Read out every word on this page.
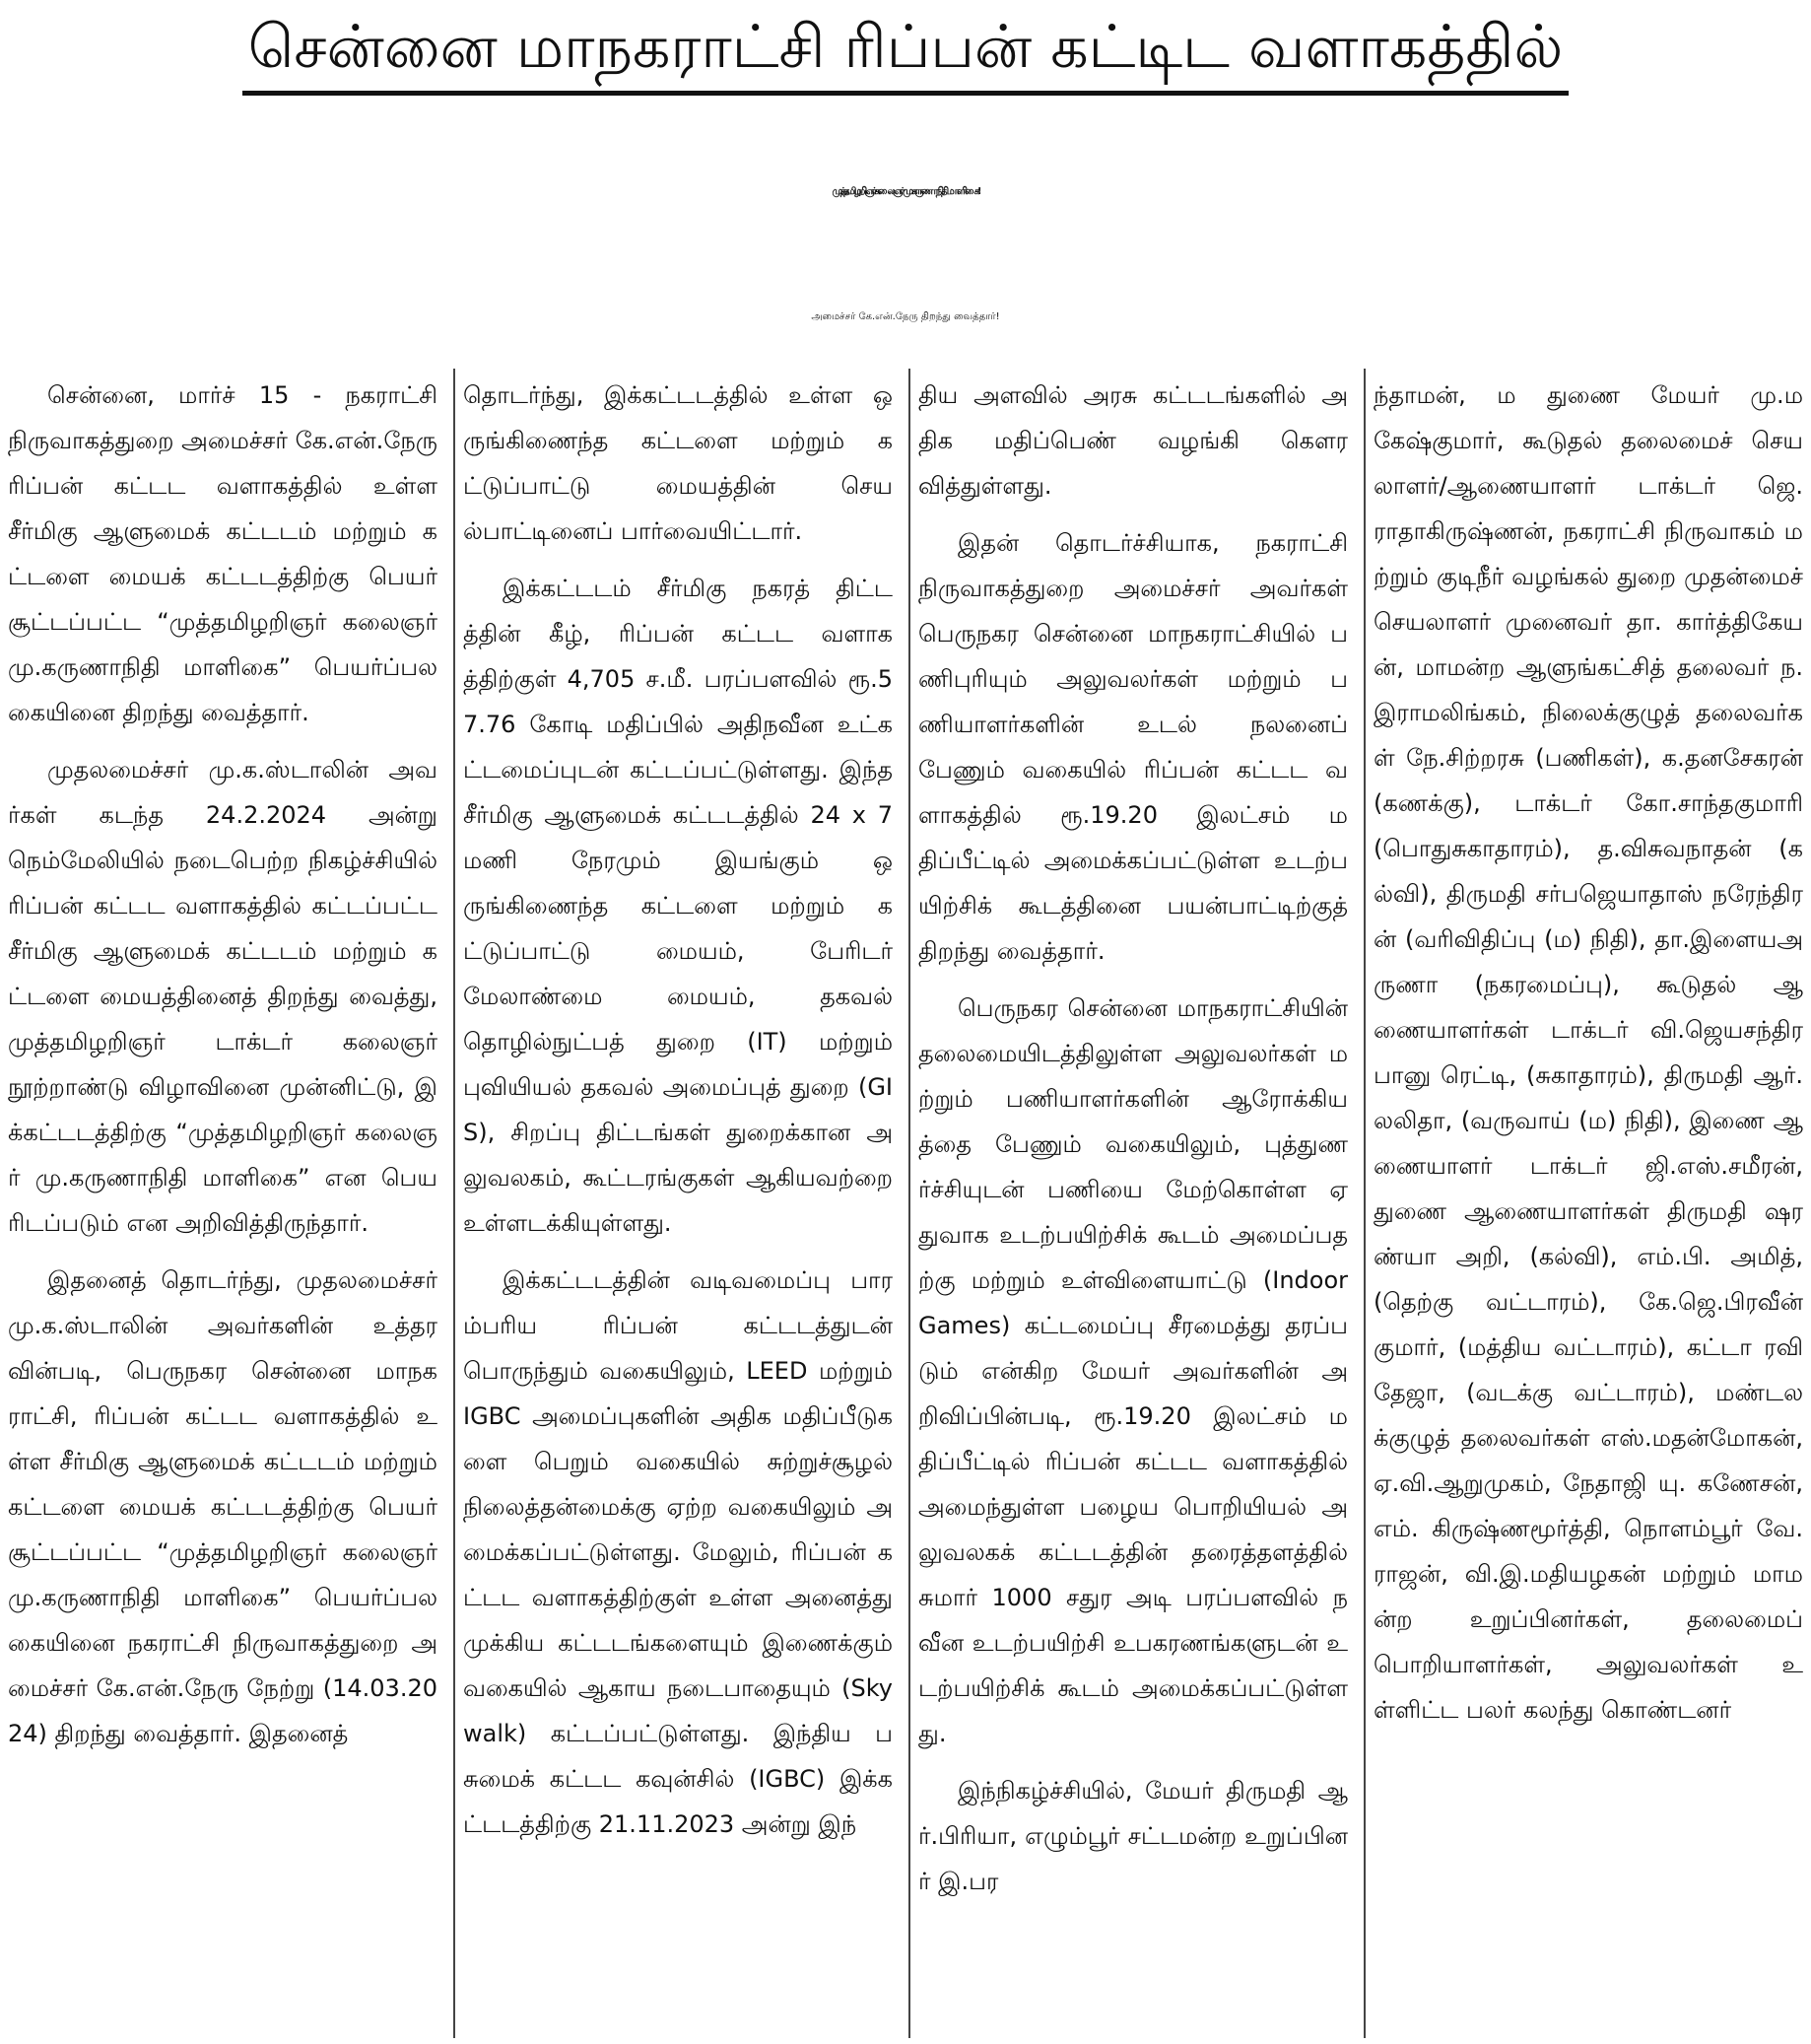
சென்னை மாநகராட்சி ரிப்பன் கட்டிட வளாகத்தில்
முத்தமிழறிஞர் கலைஞர் மு.கருணாநிதி மாளிகை!
அமைச்சர் கே.என்.நேரு திறந்து வைத்தார்!

சென்னை, மார்ச் 15 - நகராட்சி நிருவாகத்துறை அமைச்சர் கே.என்.நேரு ரிப்பன் கட்டட வளாகத்தில் உள்ள சீர்மிகு ஆளுமைக் கட்டடம் மற்றும் கட்டளை மையக் கட்டடத்திற்கு பெயர் சூட்டப்பட்ட “முத்தமிழறிஞர் கலைஞர் மு.கருணாநிதி மாளிகை” பெயர்ப்பலகையினை திறந்து வைத்தார்.

முதலமைச்சர் மு.க.ஸ்டாலின் அவர்கள் கடந்த 24.2.2024 அன்று நெம்மேலியில் நடைபெற்ற நிகழ்ச்சியில் ரிப்பன் கட்டட வளாகத்தில் கட்டப்பட்ட சீர்மிகு ஆளுமைக் கட்டடம் மற்றும் கட்டளை மையத்தினைத் திறந்து வைத்து, முத்தமிழறிஞர் டாக்டர் கலைஞர் நூற்றாண்டு விழாவினை முன்னிட்டு, இக்கட்டடத்திற்கு “முத்தமிழறிஞர் கலைஞர் மு.கருணாநிதி மாளிகை” என பெயரிடப்படும் என அறிவித்திருந்தார்.

இதனைத் தொடர்ந்து, முதலமைச்சர் மு.க.ஸ்டாலின் அவர்களின் உத்தரவின்படி, பெருநகர சென்னை மாநகராட்சி, ரிப்பன் கட்டட வளாகத்தில் உள்ள சீர்மிகு ஆளுமைக் கட்டடம் மற்றும் கட்டளை மையக் கட்டடத்திற்கு பெயர் சூட்டப்பட்ட “முத்தமிழறிஞர் கலைஞர் மு.கருணாநிதி மாளிகை” பெயர்ப்பலகையினை நகராட்சி நிருவாகத்துறை அமைச்சர் கே.என்.நேரு நேற்று (14.03.2024) திறந்து வைத்தார். இதனைத்

தொடர்ந்து, இக்கட்டடத்தில் உள்ள ஒருங்கிணைந்த கட்டளை மற்றும் கட்டுப்பாட்டு மையத்தின் செயல்பாட்டினைப் பார்வையிட்டார்.

இக்கட்டடம் சீர்மிகு நகரத் திட்டத்தின் கீழ், ரிப்பன் கட்டட வளாகத்திற்குள் 4,705 ச.மீ. பரப்பளவில் ரூ.57.76 கோடி மதிப்பில் அதிநவீன உட்கட்டமைப்புடன் கட்டப்பட்டுள்ளது. இந்த சீர்மிகு ஆளுமைக் கட்டடத்தில் 24 x 7 மணி நேரமும் இயங்கும் ஒருங்கிணைந்த கட்டளை மற்றும் கட்டுப்பாட்டு மையம், பேரிடர் மேலாண்மை மையம், தகவல் தொழில்நுட்பத் துறை (IT) மற்றும் புவியியல் தகவல் அமைப்புத் துறை (GIS), சிறப்பு திட்டங்கள் துறைக்கான அலுவலகம், கூட்டரங்குகள் ஆகியவற்றை உள்ளடக்கியுள்ளது.

இக்கட்டடத்தின் வடிவமைப்பு பாரம்பரிய ரிப்பன் கட்டடத்துடன் பொருந்தும் வகையிலும், LEED மற்றும் IGBC அமைப்புகளின் அதிக மதிப்பீடுகளை பெறும் வகையில் சுற்றுச்சூழல் நிலைத்தன்மைக்கு ஏற்ற வகையிலும் அமைக்கப்பட்டுள்ளது. மேலும், ரிப்பன் கட்டட வளாகத்திற்குள் உள்ள அனைத்து முக்கிய கட்டடங்களையும் இணைக்கும் வகையில் ஆகாய நடைபாதையும் (Skywalk) கட்டப்பட்டுள்ளது. இந்திய பசுமைக் கட்டட கவுன்சில் (IGBC) இக்கட்டடத்திற்கு 21.11.2023 அன்று இந்

திய அளவில் அரசு கட்டடங்களில் அதிக மதிப்பெண் வழங்கி கௌரவித்துள்ளது.

இதன் தொடர்ச்சியாக, நகராட்சி நிருவாகத்துறை அமைச்சர் அவர்கள் பெருநகர சென்னை மாநகராட்சியில் பணிபுரியும் அலுவலர்கள் மற்றும் பணியாளர்களின் உடல் நலனைப் பேணும் வகையில் ரிப்பன் கட்டட வளாகத்தில் ரூ.19.20 இலட்சம் மதிப்பீட்டில் அமைக்கப்பட்டுள்ள உடற்பயிற்சிக் கூடத்தினை பயன்பாட்டிற்குத் திறந்து வைத்தார்.

பெருநகர சென்னை மாநகராட்சியின் தலைமையிடத்திலுள்ள அலுவலர்கள் மற்றும் பணியாளர்களின் ஆரோக்கியத்தை பேணும் வகையிலும், புத்துணர்ச்சியுடன் பணியை மேற்கொள்ள ஏதுவாக உடற்பயிற்சிக் கூடம் அமைப்பதற்கு மற்றும் உள்விளையாட்டு (Indoor Games) கட்டமைப்பு சீரமைத்து தரப்படும் என்கிற மேயர் அவர்களின் அறிவிப்பின்படி, ரூ.19.20 இலட்சம் மதிப்பீட்டில் ரிப்பன் கட்டட வளாகத்தில் அமைந்துள்ள பழைய பொறியியல் அலுவலகக் கட்டடத்தின் தரைத்தளத்தில் சுமார் 1000 சதுர அடி பரப்பளவில் நவீன உடற்பயிற்சி உபகரணங்களுடன் உடற்பயிற்சிக் கூடம் அமைக்கப்பட்டுள்ளது.

இந்நிகழ்ச்சியில், மேயர் திருமதி ஆர்.பிரியா, எழும்பூர் சட்டமன்ற உறுப்பினர் இ.பர

ந்தாமன், ம துணை மேயர் மு.மகேஷ்குமார், கூடுதல் தலைமைச் செயலாளர்/ஆணையாளர் டாக்டர் ஜெ. ராதாகிருஷ்ணன், நகராட்சி நிருவாகம் மற்றும் குடிநீர் வழங்கல் துறை முதன்மைச் செயலாளர் முனைவர் தா. கார்த்திகேயன், மாமன்ற ஆளுங்கட்சித் தலைவர் ந. இராமலிங்கம், நிலைக்குழுத் தலைவர்கள் நே.சிற்றரசு (பணிகள்), க.தனசேகரன் (கணக்கு), டாக்டர் கோ.சாந்தகுமாரி (பொதுசுகாதாரம்), த.விசுவநாதன் (கல்வி), திருமதி சர்பஜெயாதாஸ் நரேந்திரன் (வரிவிதிப்பு (ம) நிதி), தா.இளையஅருணா (நகரமைப்பு), கூடுதல் ஆணையாளர்கள் டாக்டர் வி.ஜெயசந்திர பானு ரெட்டி, (சுகாதாரம்), திருமதி ஆர். லலிதா, (வருவாய் (ம) நிதி), இணை ஆணையாளர் டாக்டர் ஜி.எஸ்.சமீரன், துணை ஆணையாளர்கள் திருமதி ஷரண்யா அறி, (கல்வி), எம்.பி. அமித், (தெற்கு வட்டாரம்), கே.ஜெ.பிரவீன் குமார், (மத்திய வட்டாரம்), கட்டா ரவி தேஜா, (வடக்கு வட்டாரம்), மண்டலக்குழுத் தலைவர்கள் எஸ்.மதன்மோகன், ஏ.வி.ஆறுமுகம், நேதாஜி யு. கணேசன், எம். கிருஷ்ணமூர்த்தி, நொளம்பூர் வே.ராஜன், வி.இ.மதியழகன் மற்றும் மாமன்ற உறுப்பினர்கள், தலைமைப் பொறியாளர்கள், அலுவலர்கள் உள்ளிட்ட பலர் கலந்து கொண்டனர்
